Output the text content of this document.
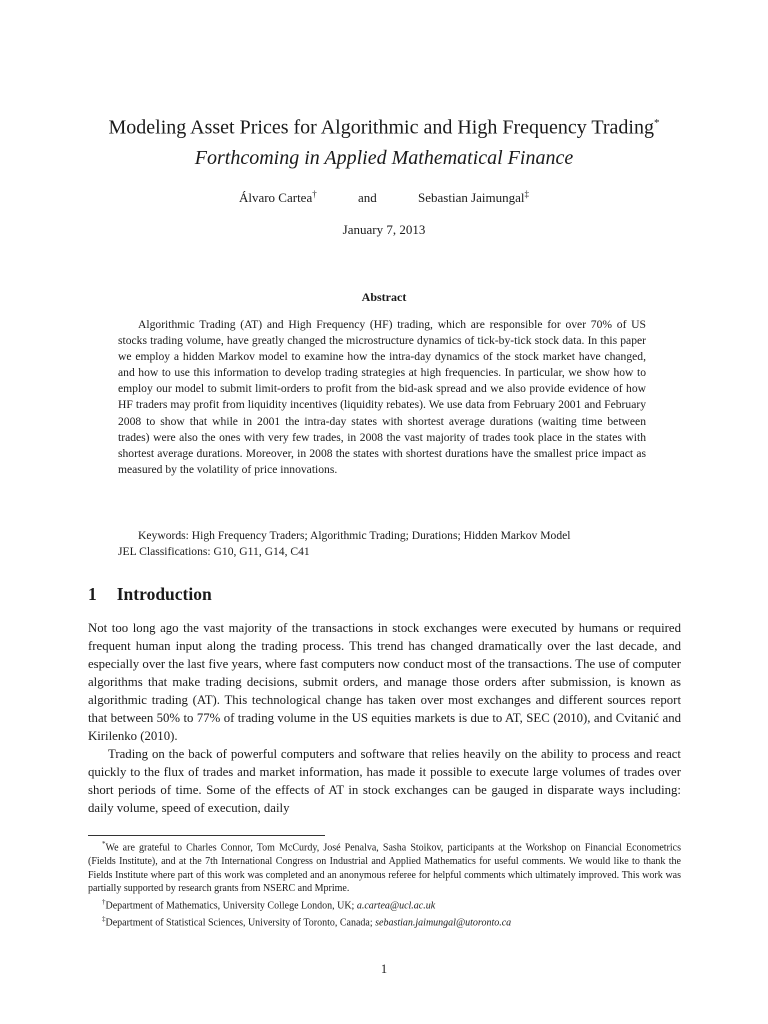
Modeling Asset Prices for Algorithmic and High Frequency Trading*
Forthcoming in Applied Mathematical Finance
Álvaro Cartea†	and	Sebastian Jaimungal‡
January 7, 2013
Abstract

Algorithmic Trading (AT) and High Frequency (HF) trading, which are responsible for over 70% of US stocks trading volume, have greatly changed the microstructure dynamics of tick-by-tick stock data. In this paper we employ a hidden Markov model to examine how the intra-day dynamics of the stock market have changed, and how to use this information to develop trading strategies at high frequencies. In particular, we show how to employ our model to submit limit-orders to profit from the bid-ask spread and we also provide evidence of how HF traders may profit from liquidity incentives (liquidity rebates). We use data from February 2001 and February 2008 to show that while in 2001 the intra-day states with shortest average durations (waiting time between trades) were also the ones with very few trades, in 2008 the vast majority of trades took place in the states with shortest average durations. Moreover, in 2008 the states with shortest durations have the smallest price impact as measured by the volatility of price innovations.

Keywords: High Frequency Traders; Algorithmic Trading; Durations; Hidden Markov Model
JEL Classifications: G10, G11, G14, C41
1 Introduction

Not too long ago the vast majority of the transactions in stock exchanges were executed by humans or required frequent human input along the trading process. This trend has changed dramatically over the last decade, and especially over the last five years, where fast computers now conduct most of the transactions. The use of computer algorithms that make trading decisions, submit orders, and manage those orders after submission, is known as algorithmic trading (AT). This technological change has taken over most exchanges and different sources report that between 50% to 77% of trading volume in the US equities markets is due to AT, SEC (2010), and Cvitanić and Kirilenko (2010).

Trading on the back of powerful computers and software that relies heavily on the ability to process and react quickly to the flux of trades and market information, has made it possible to execute large volumes of trades over short periods of time. Some of the effects of AT in stock exchanges can be gauged in disparate ways including: daily volume, speed of execution, daily

*We are grateful to Charles Connor, Tom McCurdy, José Penalva, Sasha Stoikov, participants at the Workshop on Financial Econometrics (Fields Institute), and at the 7th International Congress on Industrial and Applied Mathematics for useful comments. We would like to thank the Fields Institute where part of this work was completed and an anonymous referee for helpful comments which ultimately improved. This work was partially supported by research grants from NSERC and Mprime.

†Department of Mathematics, University College London, UK; a.cartea@ucl.ac.uk

‡Department of Statistical Sciences, University of Toronto, Canada; sebastian.jaimungal@utoronto.ca

1
